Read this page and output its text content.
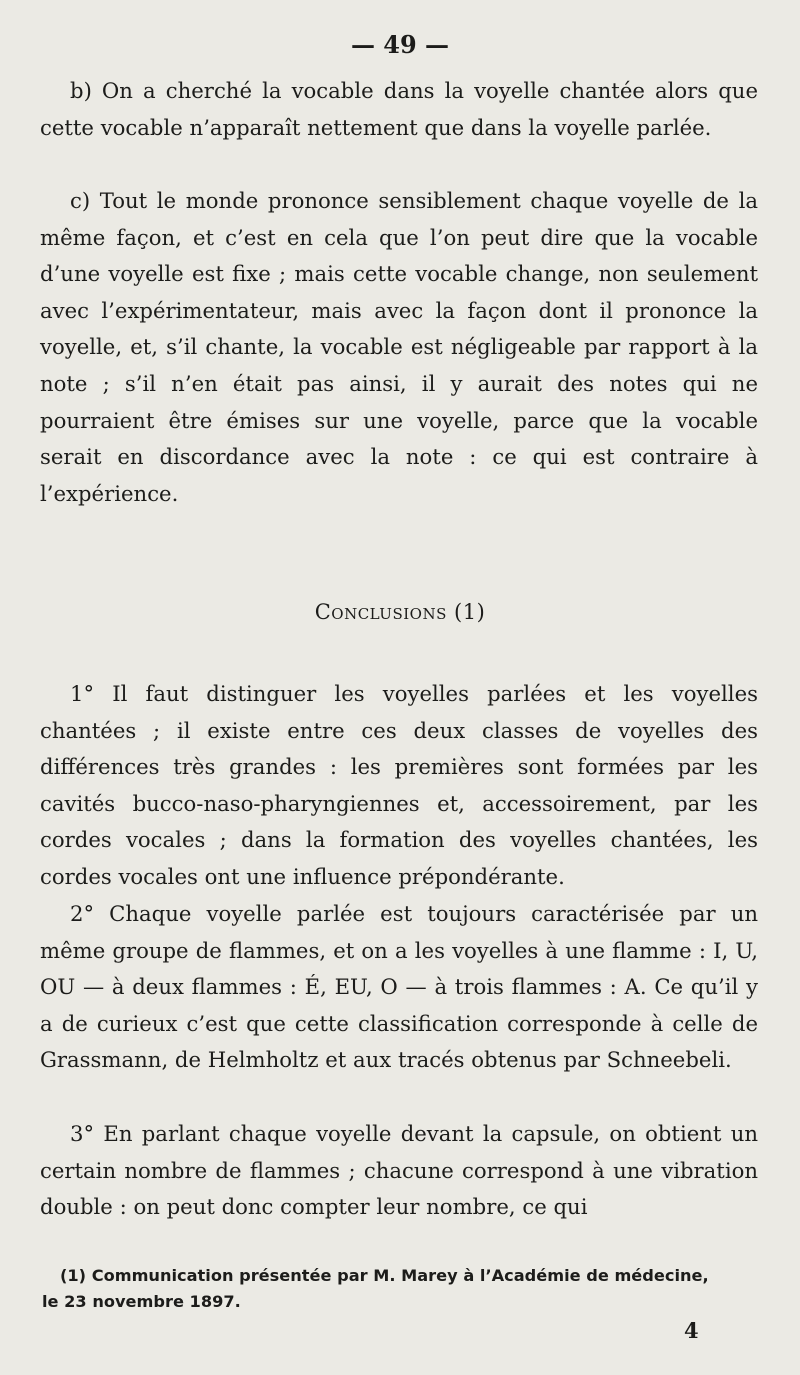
— 49 —

b) On a cherché la vocable dans la voyelle chantée alors que cette vocable n’apparaît nettement que dans la voyelle parlée.

c) Tout le monde prononce sensiblement chaque voyelle de la même façon, et c’est en cela que l’on peut dire que la vocable d’une voyelle est fixe ; mais cette vocable change, non seulement avec l’expérimentateur, mais avec la façon dont il prononce la voyelle, et, s’il chante, la vocable est négligeable par rapport à la note ; s’il n’en était pas ainsi, il y aurait des notes qui ne pourraient être émises sur une voyelle, parce que la vocable serait en discordance avec la note : ce qui est contraire à l’expérience.

Conclusions (1)

1° Il faut distinguer les voyelles parlées et les voyelles chantées ; il existe entre ces deux classes de voyelles des différences très grandes : les premières sont formées par les cavités bucco-naso-pharyngiennes et, accessoirement, par les cordes vocales ; dans la formation des voyelles chantées, les cordes vocales ont une influence prépondérante.

2° Chaque voyelle parlée est toujours caractérisée par un même groupe de flammes, et on a les voyelles à une flamme : I, U, OU — à deux flammes : É, EU, O — à trois flammes : A. Ce qu’il y a de curieux c’est que cette classification corresponde à celle de Grassmann, de Helmholtz et aux tracés obtenus par Schneebeli.

3° En parlant chaque voyelle devant la capsule, on obtient un certain nombre de flammes ; chacune correspond à une vibration double : on peut donc compter leur nombre, ce qui

(1) Communication présentée par M. Marey à l’Académie de médecine,
le 23 novembre 1897.
4
